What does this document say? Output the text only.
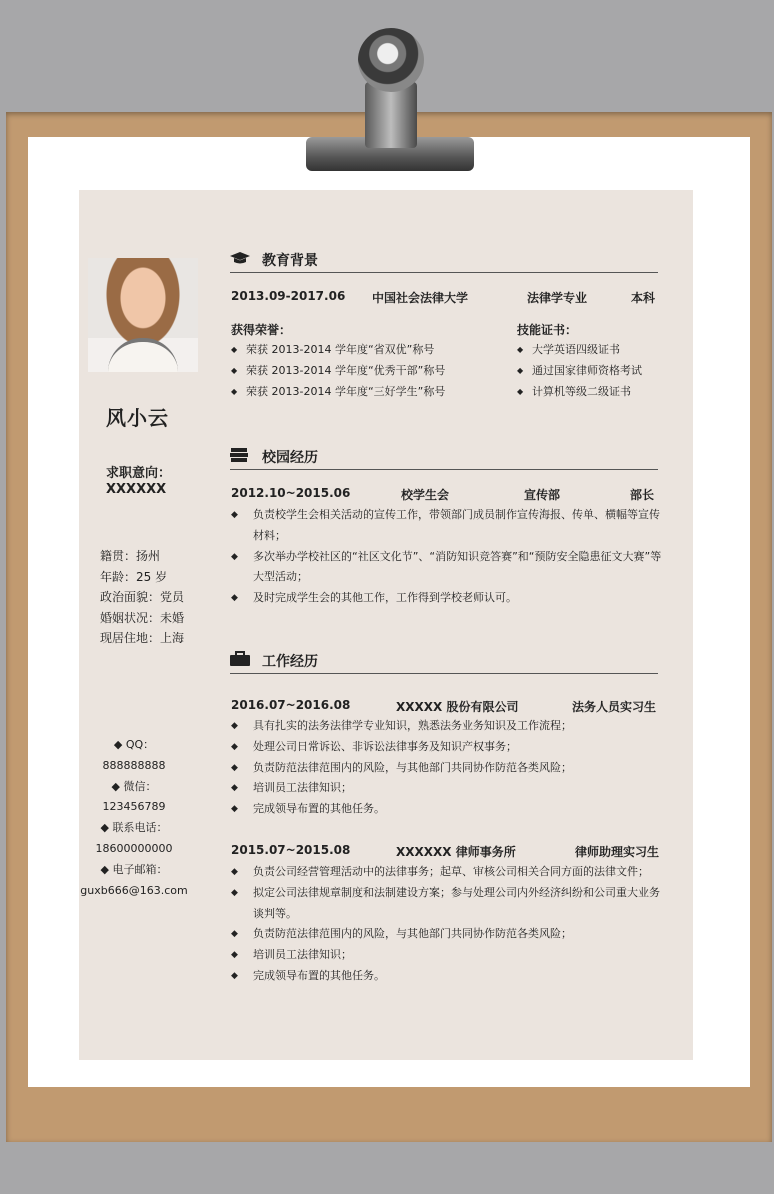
风小云
求职意向：
XXXXXX
籍贯：扬州
年龄：25 岁
政治面貌：党员
婚姻状况：未婚
现居住地：上海
◆ QQ：
888888888
◆ 微信：
123456789
◆ 联系电话：
18600000000
◆ 电子邮箱：
guxb666@163.com
教育背景
2013.09-2017.06 中国社会法律大学	法律学专业	本科
获得荣誉：
◆ 荣获 2013-2014 学年度“省双优”称号
◆ 荣获 2013-2014 学年度“优秀干部”称号
◆ 荣获 2013-2014 学年度“三好学生”称号
技能证书：
◆ 大学英语四级证书
◆ 通过国家律师资格考试
◆ 计算机等级二级证书
校园经历
2012.10~2015.06	校学生会	宣传部	部长
◆ 负责校学生会相关活动的宣传工作，带领部门成员制作宣传海报、传单、横幅等宣传材料；
◆ 多次举办学校社区的“社区文化节”、“消防知识竞答赛”和“预防安全隐患征文大赛”等大型活动；
◆ 及时完成学生会的其他工作，工作得到学校老师认可。
工作经历
2016.07~2016.08	XXXXX 股份有限公司	法务人员实习生
◆ 具有扎实的法务法律学专业知识，熟悉法务业务知识及工作流程；
◆ 处理公司日常诉讼、非诉讼法律事务及知识产权事务；
◆ 负责防范法律范围内的风险，与其他部门共同协作防范各类风险；
◆ 培训员工法律知识；
◆ 完成领导布置的其他任务。
2015.07~2015.08	XXXXXX 律师事务所	律师助理实习生
◆ 负责公司经营管理活动中的法律事务；起草、审核公司相关合同方面的法律文件；
◆ 拟定公司法律规章制度和法制建设方案；参与处理公司内外经济纠纷和公司重大业务谈判等。
◆ 负责防范法律范围内的风险，与其他部门共同协作防范各类风险；
◆ 培训员工法律知识；
◆ 完成领导布置的其他任务。
